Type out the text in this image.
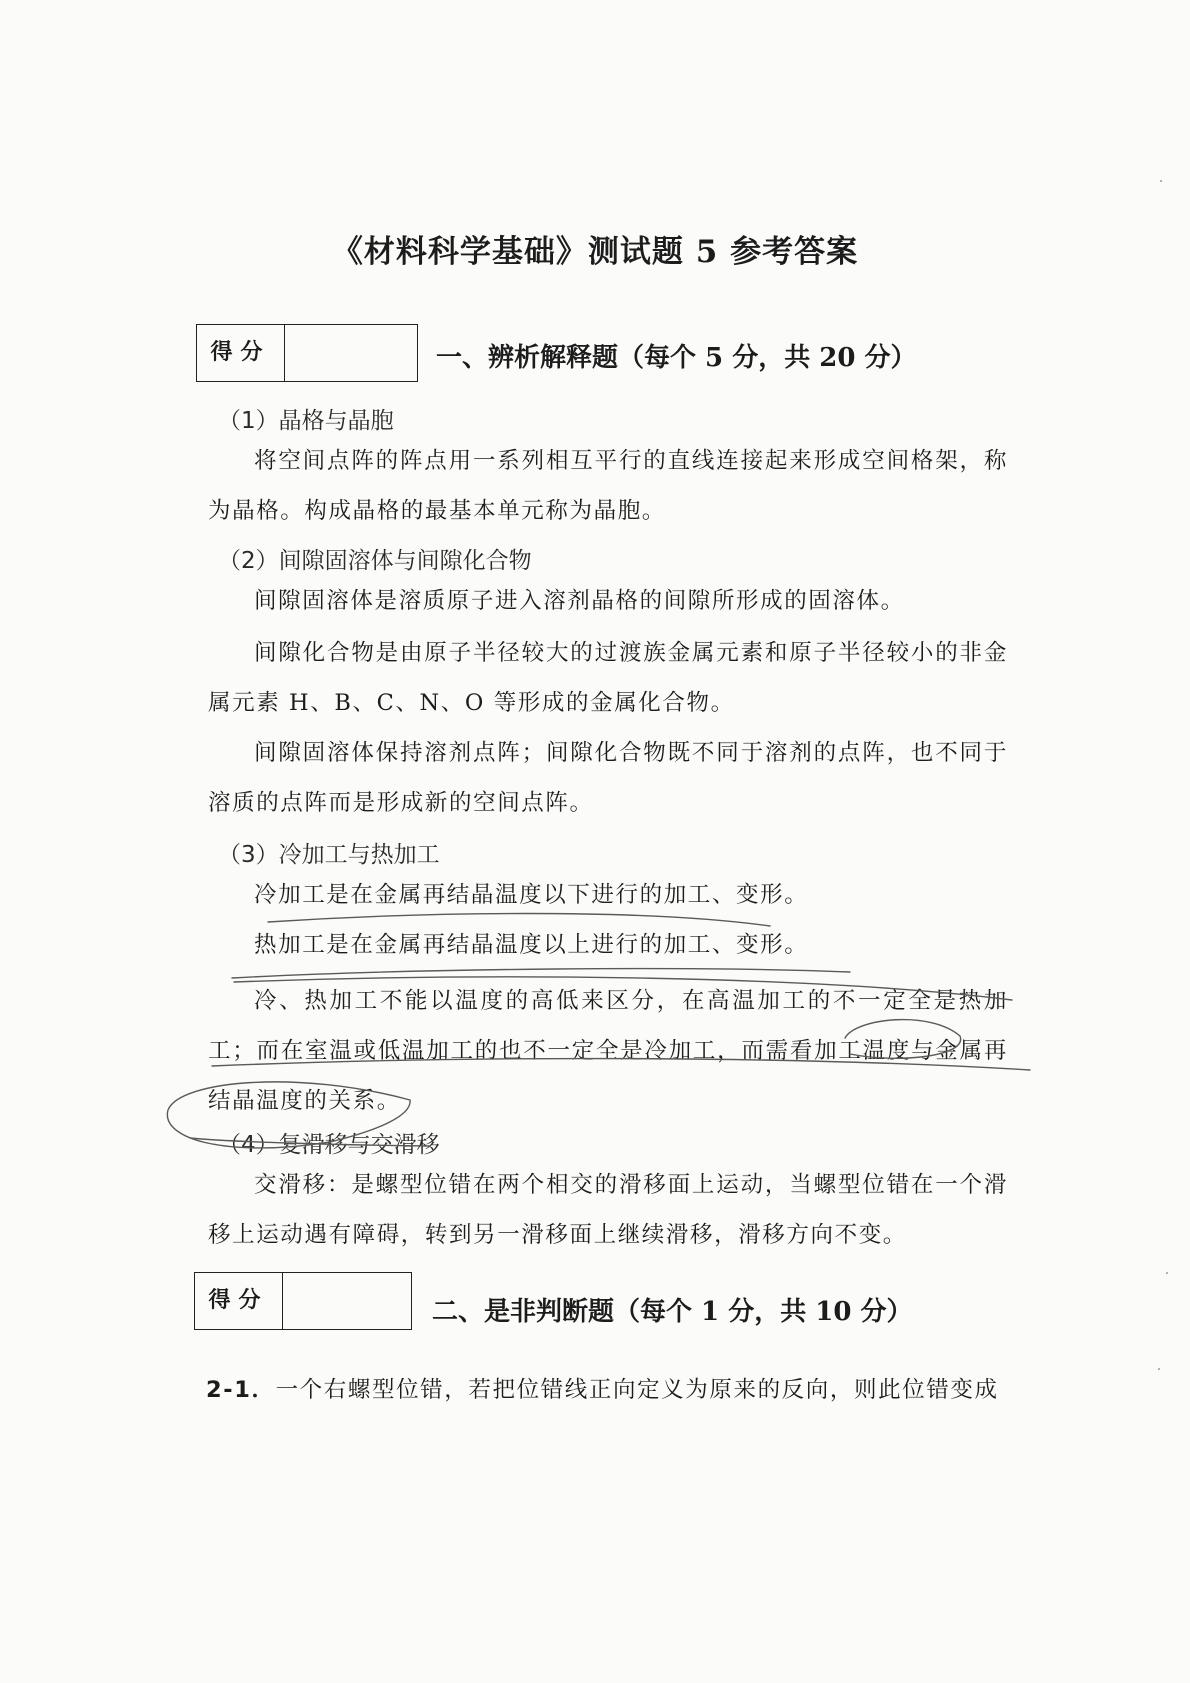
《材料科学基础》测试题 5 参考答案
得分	一、辨析解释题（每个 5 分，共 20 分）
（1）晶格与晶胞
将空间点阵的阵点用一系列相互平行的直线连接起来形成空间格架，称为晶格。构成晶格的最基本单元称为晶胞。
（2）间隙固溶体与间隙化合物
间隙固溶体是溶质原子进入溶剂晶格的间隙所形成的固溶体。
间隙化合物是由原子半径较大的过渡族金属元素和原子半径较小的非金属元素 H、B、C、N、O 等形成的金属化合物。
间隙固溶体保持溶剂点阵；间隙化合物既不同于溶剂的点阵，也不同于溶质的点阵而是形成新的空间点阵。
（3）冷加工与热加工
冷加工是在金属再结晶温度以下进行的加工、变形。
热加工是在金属再结晶温度以上进行的加工、变形。
冷、热加工不能以温度的高低来区分，在高温加工的不一定全是热加工；而在室温或低温加工的也不一定全是冷加工，而需看加工温度与金属再结晶温度的关系。
（4）复滑移与交滑移
交滑移：是螺型位错在两个相交的滑移面上运动，当螺型位错在一个滑移上运动遇有障碍，转到另一滑移面上继续滑移，滑移方向不变。
得分	二、是非判断题（每个 1 分，共 10 分）
2-1．一个右螺型位错，若把位错线正向定义为原来的反向，则此位错变成
